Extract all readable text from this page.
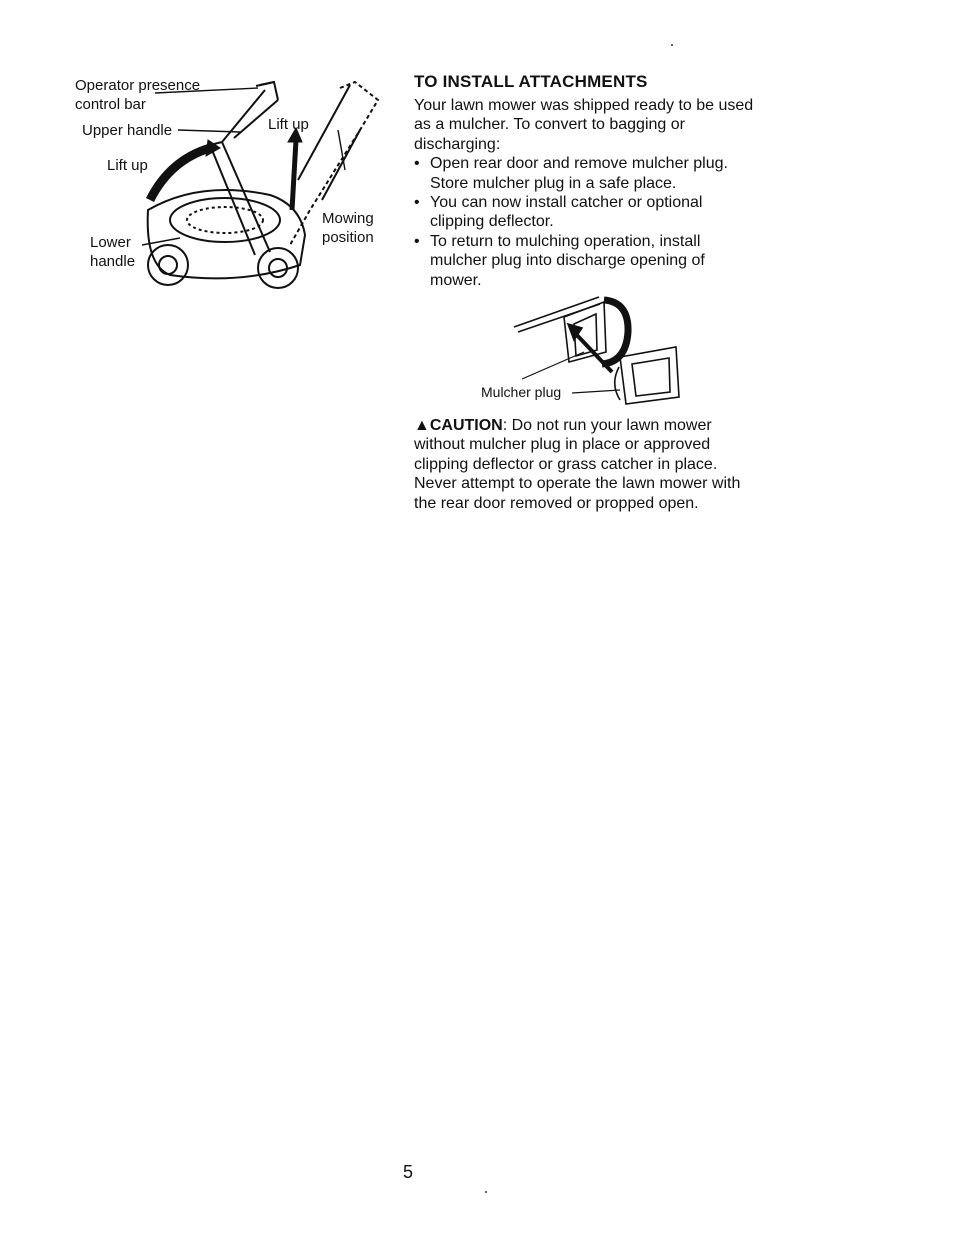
Operator presence
control bar
Upper handle
Lift up
Lift up
Lower
handle
Mowing
position
TO INSTALL ATTACHMENTS

Your lawn mower was shipped ready to be used as a mulcher. To convert to bagging or discharging:

• Open rear door and remove mulcher plug. Store mulcher plug in a safe place.
• You can now install catcher or optional clipping deflector.
• To return to mulching operation, install mulcher plug into discharge opening of mower.
Mulcher plug

▲CAUTION: Do not run your lawn mower without mulcher plug in place or approved clipping deflector or grass catcher in place. Never attempt to operate the lawn mower with the rear door removed or propped open.

5
